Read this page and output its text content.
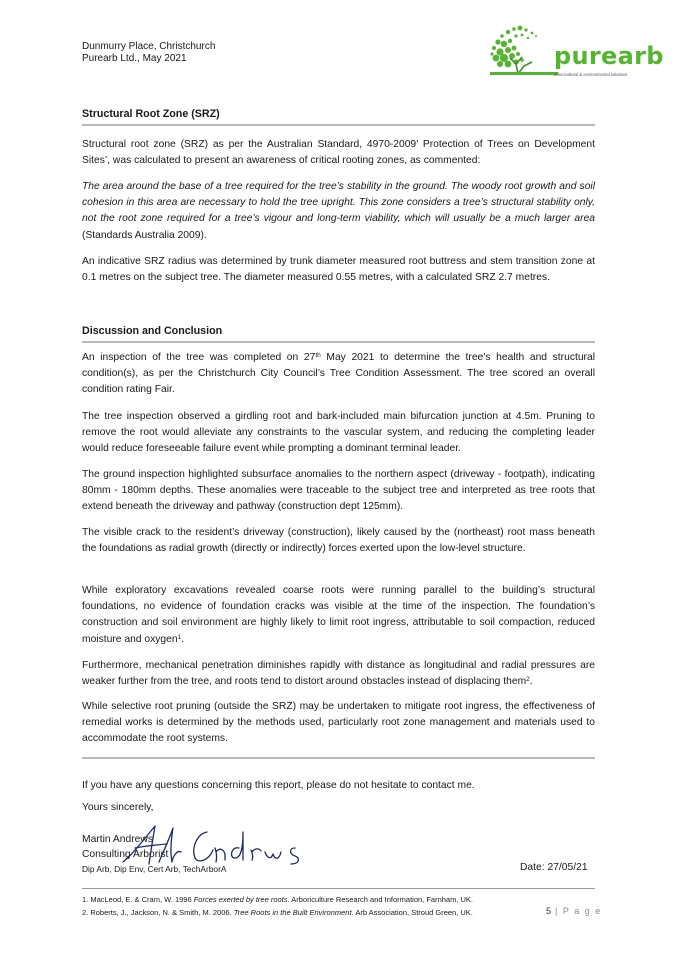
Dunmurry Place, Christchurch
Purearb Ltd., May 2021	purearb
arboricultural & environmental solutions
Structural Root Zone (SRZ)

Structural root zone (SRZ) as per the Australian Standard, 4970-2009’ Protection of Trees on Development Sites’, was calculated to present an awareness of critical rooting zones, as commented:

The area around the base of a tree required for the tree’s stability in the ground. The woody root growth and soil cohesion in this area are necessary to hold the tree upright. This zone considers a tree’s structural stability only, not the root zone required for a tree’s vigour and long-term viability, which will usually be a much larger area (Standards Australia 2009).

An indicative SRZ radius was determined by trunk diameter measured root buttress and stem transition zone at 0.1 metres on the subject tree. The diameter measured 0.55 metres, with a calculated SRZ 2.7 metres.

Discussion and Conclusion

An inspection of the tree was completed on 27th May 2021 to determine the tree’s health and structural condition(s), as per the Christchurch City Council’s Tree Condition Assessment. The tree scored an overall condition rating Fair.

The tree inspection observed a girdling root and bark-included main bifurcation junction at 4.5m. Pruning to remove the root would alleviate any constraints to the vascular system, and reducing the completing leader would reduce foreseeable failure event while prompting a dominant terminal leader.

The ground inspection highlighted subsurface anomalies to the northern aspect (driveway - footpath), indicating 80mm - 180mm depths. These anomalies were traceable to the subject tree and interpreted as tree roots that extend beneath the driveway and pathway (construction dept 125mm).

The visible crack to the resident’s driveway (construction), likely caused by the (northeast) root mass beneath the foundations as radial growth (directly or indirectly) forces exerted upon the low-level structure.

While exploratory excavations revealed coarse roots were running parallel to the building’s structural foundations, no evidence of foundation cracks was visible at the time of the inspection. The foundation’s construction and soil environment are highly likely to limit root ingress, attributable to soil compaction, reduced moisture and oxygen$^1$.

Furthermore, mechanical penetration diminishes rapidly with distance as longitudinal and radial pressures are weaker further from the tree, and roots tend to distort around obstacles instead of displacing them$^2$.

While selective root pruning (outside the SRZ) may be undertaken to mitigate root ingress, the effectiveness of remedial works is determined by the methods used, particularly root zone management and materials used to accommodate the root systems.

If you have any questions concerning this report, please do not hesitate to contact me.

Yours sincerely,

Martin Andrews
Consulting Arborist
Dip Arb, Dip Env, Cert Arb, TechArborA	Date: 27/05/21
1. MacLeod, E. & Cram, W. 1996 Forces exerted by tree roots. Arboriculture Research and Information, Farnham, UK.
2. Roberts, J., Jackson, N. & Smith, M. 2006. Tree Roots in the Built Environment. Arb Association, Stroud Green, UK.	5 | P a g e
